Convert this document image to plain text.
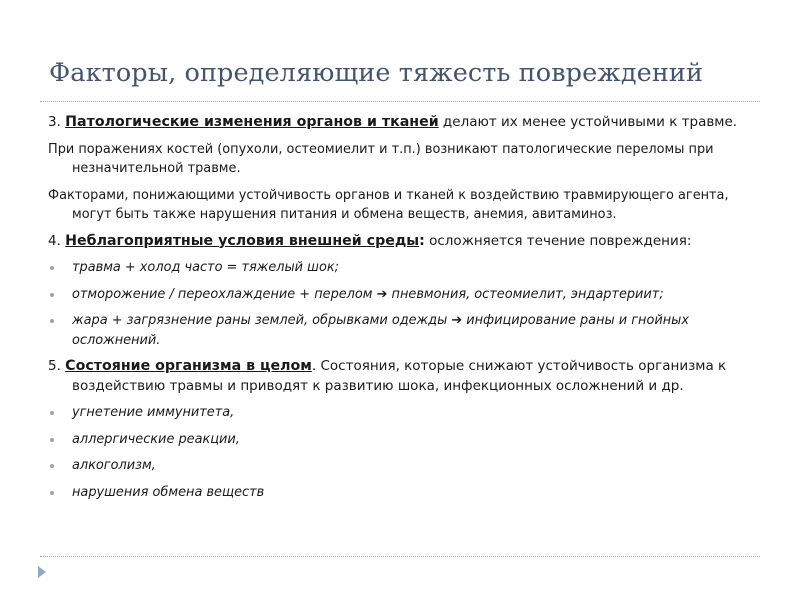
Факторы, определяющие тяжесть повреждений
3. Патологические изменения органов и тканей делают их менее устойчивыми к травме.
При поражениях костей (опухоли, остеомиелит и т.п.) возникают патологические переломы при незначительной травме.
Факторами, понижающими устойчивость органов и тканей к воздействию травмирующего агента, могут быть также нарушения питания и обмена веществ, анемия, авитаминоз.
4. Неблагоприятные условия внешней среды: осложняется течение повреждения:
травма + холод часто = тяжелый шок;
отморожение / переохлаждение + перелом ➔ пневмония, остеомиелит, эндартериит;
жара + загрязнение раны землей, обрывками одежды ➔ инфицирование раны и гнойных осложнений.
5. Состояние организма в целом. Состояния, которые снижают устойчивость организма к воздействию травмы и приводят к развитию шока, инфекционных осложнений и др.
угнетение иммунитета,
аллергические реакции,
алкоголизм,
нарушения обмена веществ
